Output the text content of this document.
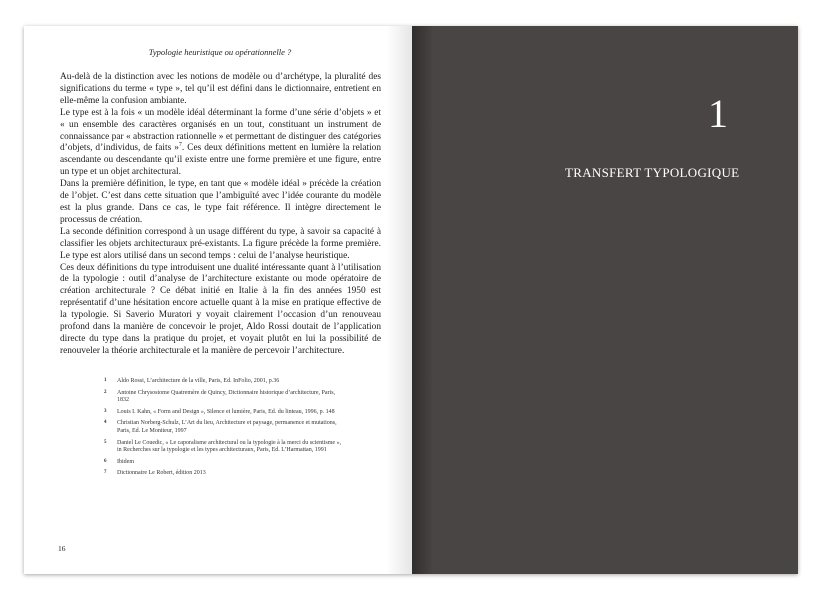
Typologie heuristique ou opérationnelle ?

Au-delà de la distinction avec les notions de modèle ou d’archétype, la pluralité des significations du terme « type », tel qu’il est défini dans le dictionnaire, entretient en elle-même la confusion ambiante.

Le type est à la fois « un modèle idéal déterminant la forme d’une série d’objets » et « un ensemble des caractères organisés en un tout, constituant un instrument de connaissance par « abstraction rationnelle » et permettant de distinguer des catégories d’objets, d’individus, de faits »$^7$. Ces deux définitions mettent en lumière la relation ascendante ou descendante qu’il existe entre une forme première et une figure, entre un type et un objet architectural.

Dans la première définition, le type, en tant que « modèle idéal » précède la création de l’objet. C’est dans cette situation que l’ambiguïté avec l’idée courante du modèle est la plus grande. Dans ce cas, le type fait référence. Il intègre directement le processus de création.

La seconde définition correspond à un usage différent du type, à savoir sa capacité à classifier les objets architecturaux pré-existants. La figure précède la forme première. Le type est alors utilisé dans un second temps : celui de l’analyse heuristique.

Ces deux définitions du type introduisent une dualité intéressante quant à l’utilisation de la typologie : outil d’analyse de l’architecture existante ou mode opératoire de création architecturale ? Ce débat initié en Italie à la fin des années 1950 est représentatif d’une hésitation encore actuelle quant à la mise en pratique effective de la typologie. Si Saverio Muratori y voyait clairement l’occasion d’un renouveau profond dans la manière de concevoir le projet, Aldo Rossi doutait de l’application directe du type dans la pratique du projet, et voyait plutôt en lui la possibilité de renouveler la théorie architecturale et la manière de percevoir l’architecture.

1 Aldo Rossi, L’architecture de la ville, Paris, Ed. InFolio, 2001, p.36
2 Antoine Chrysostome Quatremère de Quincy, Dictionnaire historique d’architecture, Paris, 1832
3 Louis I. Kahn, « Form and Design », Silence et lumière, Paris, Ed. du linteau, 1996, p. 148
4 Christian Norberg-Schulz, L’Art du lieu, Architecture et paysage, permanence et mutations, Paris, Ed. Le Moniteur, 1997
5 Daniel Le Couedic, « Le caporalisme architectural ou la typologie à la merci du scientisme », in Recherches sur la typologie et les types architecturaux, Paris, Ed. L’Harmattan, 1991
6 Ibidem
7 Dictionnaire Le Robert, édition 2013
16
1
TRANSFERT TYPOLOGIQUE
